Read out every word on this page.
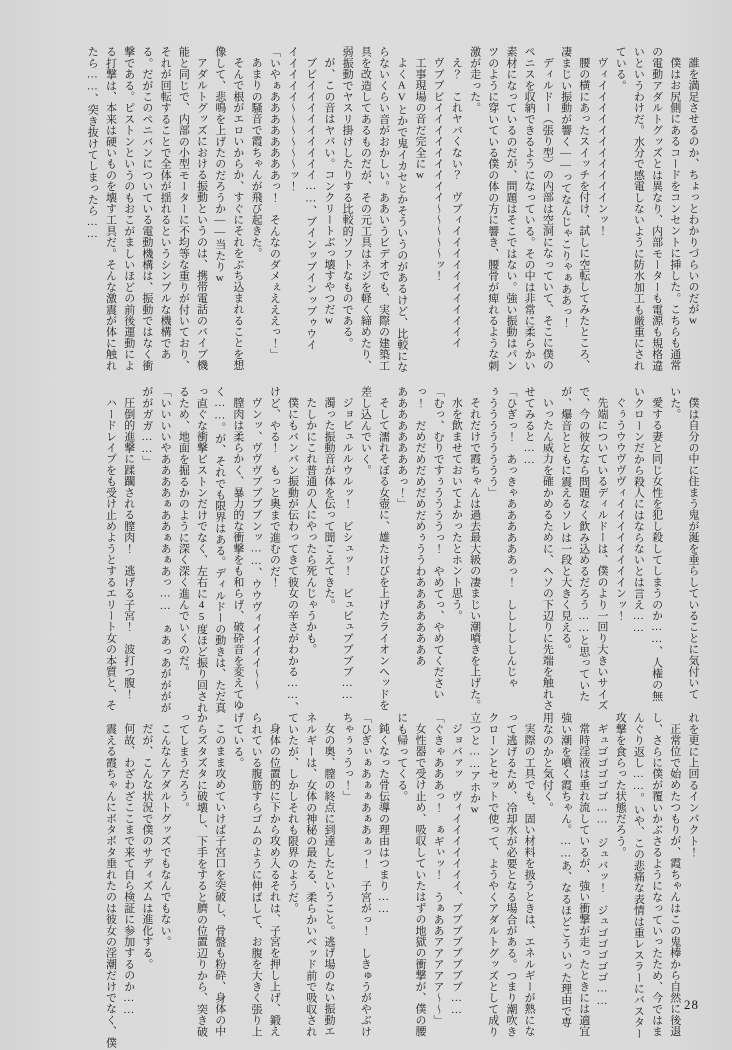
誰を満足させるのか、ちょっとわかりづらいのだがw

僕はお尻側にあるコードをコンセントに挿した。こちらも通常

の電動アダルトグッズとは異なり、内部モーターも電源も規格違

いというわけだ。水分で感電しないように防水加工も厳重にされ

ている。

ヴィイイイイイイイイイイインッ！

腰の横にあったスイッチを付け、試しに空転してみたところ、

凄まじい振動が響く——ってなんじゃこりゃぁああっ！

ディルドー（張り型）の内部は空洞になっていて、そこに僕の

ペニスを収納できるようになっている。その中は非常に柔らかい

素材になっているのだが、問題はそこではない。強い振動はパン

ツのように穿いている僕の体の方に響き、腰骨が痺れるような刺

激が走った。

え？　これヤバくない？　ヴブィイイイイイイイイイイイ

ヴブブビイイイイイイイイイ〜〜〜〜〜ッ！

工事現場の音だ完全にw

よくAVとかで鬼イカセとかそういうのがあるけど、比較にな

らないくらい音がおかしい。ああいうビデオでも、実際の建築工

具を改造してあるものだが、その元工具はネジを軽く締めたり、

弱振動でヤスリ掛けしたりする比較的ソフトなものである。

が、この音はヤバい。コンクリートぶっ壊すやつだw

ブビイイイイイイイイイ……、ブインッブインッブゥウイ

イイイイイ〜〜〜〜〜〜ッ！

「いやぁああああああああっ！　そんなのダメぇえええっ！」

あまりの騒音で霞ちゃんが飛び起きた。

そんで根がエロいからか、すぐにそれをぶち込まれることを想

像して、悲鳴を上げたのだろうか——当たりw

アダルトグッズにおける振動というのは、携帯電話のバイブ機

能と同じで、内部の小型モーターに不均等な重りが付いており、

それが回転することで全体が揺れるというシンプルな機構であ

る。だがこのペニバンについている電動機構は、振動ではなく衝

撃である。ピストンというのもおこがましいほどの前後運動によ

る打撃は、本来は硬いものを壊す工具だ。そんな激震が体に触れ

たら……、突き抜けてしまったら……

僕は自分の中に住まう鬼が涎を垂らしていることに気付いて

いた。

愛する妻と同じ女性を犯し殺してしまうのか……、人権の無

いクローンだから殺人にはならないとは言え……

ぐぅうウウヴヴヴィイイイイイイイインッ！

先端についているディルドーは、僕のより一回り大きいサイズ

で、今の彼女なら問題なく飲み込めるだろう……と思っていた

が、爆音とともに震えるソレは一段と大きく見える。

いったん威力を確かめるために、ヘソの下辺りに先端を触れさ

せてみると……

「ひぎっ！　あっきゃああああああっ！　しししししんじゃ

ぅうううううううう」

それだけで霞ちゃんは過去最大級の凄まじい潮噴きを上げた。

水を飲ませておいてよかったとホント思う。

「むっ、むりですぅううううっ！　やめてっ、やめてください

っ！　だめだめだめだめだめぅううわああああああああ

ああああああああっ！」

そして濡れそぼる女壺に、雄たけびを上げたライオンヘッドを

差し込んでいく。

ジョビュルルウルッ！　ビシュッ！　ビュビュブブブブ……

濁った振動音が体を伝って聞こえてきた。

たしかにこれ普通の人にやったら死んじゃうかも。

僕にもバンバン振動が伝わってきて彼女の辛さがわかる……、

けど、やる！　もっと奥まで進むのだ！

ヴンッ、ヴヴヴブブブブンッ……、ウウヴィイイイイ〜〜

膣肉は柔らかく、暴力的な衝撃をも和らげ、破砕音を変えてゆ

く……。が、それでも限界はある。ディルドーの動きは、ただ真

っ直ぐな衝撃ピストンだけでなく、左右に45度ほど振り回され

るため、地面を掘るかのように深く深く進んでいくのだ。

「いいいいやああああぁああぁあぁあっ……　ぁあっあがががが

ががガガ……」

圧倒的進撃に蹂躙される膣肉！　逃げる子宮！　波打つ腹！

ハードレイプをも受け止めようとするエリート女の本質と、そ

れを更に上回るインパクト！

正常位で始めたつもりが、霞ちゃんはこの鬼棒から自然に後退

し、さらに僕が覆いかぶさるようになっていったため、今ではま

んぐり返し……。いや、この悲痛な表情は重レスラーにバスター

攻撃を食らった状態だろう。

ギュゴゴゴゴゴ……　ジュバッ！　ジュゴゴゴゴゴ……

常時淫液は垂れ流しているが、強い衝撃が走ったときには適宜

強い潮を噴く霞ちゃん。……あ、なるほどこういった理由で専

用なのかと気付く。

実際の工具でも、固い材料を扱うときは、エネルギーが熱にな

って逃げるため、冷却水が必要となる場合がある。つまり潮吹き

クローンとセットで使って、ようやくアダルトグッズとして成り

立つと……アホかw

ジョバァッ　ヴィイイイイイイイ、ブブブブブブブブ……

「ぐきゃあああっ！　ぁギぃッ！　うぁああアアアアア〜〜」

女性器で受け止め、吸収していたはずの地獄の衝撃が、僕の腰

にも帰ってくる。

鈍くなった骨伝導の理由はつまり……

「ひぎぃぁあぁぁあぁあぁっ！　子宮がっ！　しきゅうがやぶけ

ちゃぅぅうっ！」

女の奥、膣の終点に到達したということ。逃げ場のない振動エ

ネルギーは、女体の神秘の最たる、柔らかいベッド前で吸収され

ていたが、しかしそれも限界のようだ。

身体の位置的に下から攻め入るそれは、子宮を押し上げ、鍛え

られている腹筋すらゴムのように伸ばして、お腹を大きく張り上

げている。

このまま攻めていけば子宮口を突破し、骨盤も粉砕、身体の中

からズタズタに破壊し、下手をすると臍の位置辺りから、突き破

ってしまうだろう。

こんなんアダルトグッズでもなんでもない。

だが、こんな状況で僕のサディズムは進化する。

何故、わざわざここまで来て自ら検証に参加するのか……

震える霞ちゃんにボタボタ垂れたのは彼女の淫潮だけでなく、僕	28
